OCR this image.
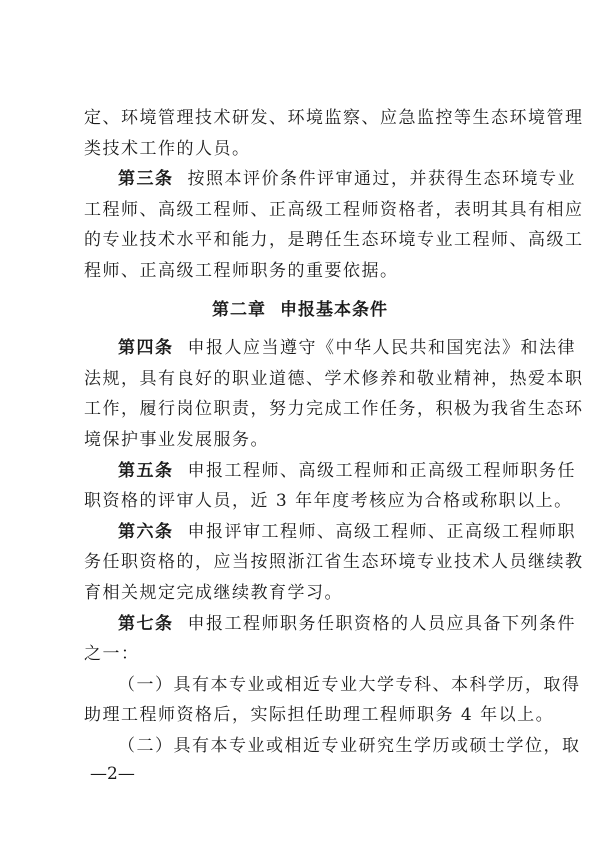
定、环境管理技术研发、环境监察、应急监控等生态环境管理
类技术工作的人员。
第三条 按照本评价条件评审通过，并获得生态环境专业
工程师、高级工程师、正高级工程师资格者，表明其具有相应
的专业技术水平和能力，是聘任生态环境专业工程师、高级工
程师、正高级工程师职务的重要依据。
第二章 申报基本条件
第四条 申报人应当遵守《中华人民共和国宪法》和法律
法规，具有良好的职业道德、学术修养和敬业精神，热爱本职
工作，履行岗位职责，努力完成工作任务，积极为我省生态环
境保护事业发展服务。
第五条 申报工程师、高级工程师和正高级工程师职务任
职资格的评审人员，近 3 年年度考核应为合格或称职以上。
第六条 申报评审工程师、高级工程师、正高级工程师职
务任职资格的，应当按照浙江省生态环境专业技术人员继续教
育相关规定完成继续教育学习。
第七条 申报工程师职务任职资格的人员应具备下列条件
之一：
（一）具有本专业或相近专业大学专科、本科学历，取得
助理工程师资格后，实际担任助理工程师职务 4 年以上。
（二）具有本专业或相近专业研究生学历或硕士学位，取
—2—
